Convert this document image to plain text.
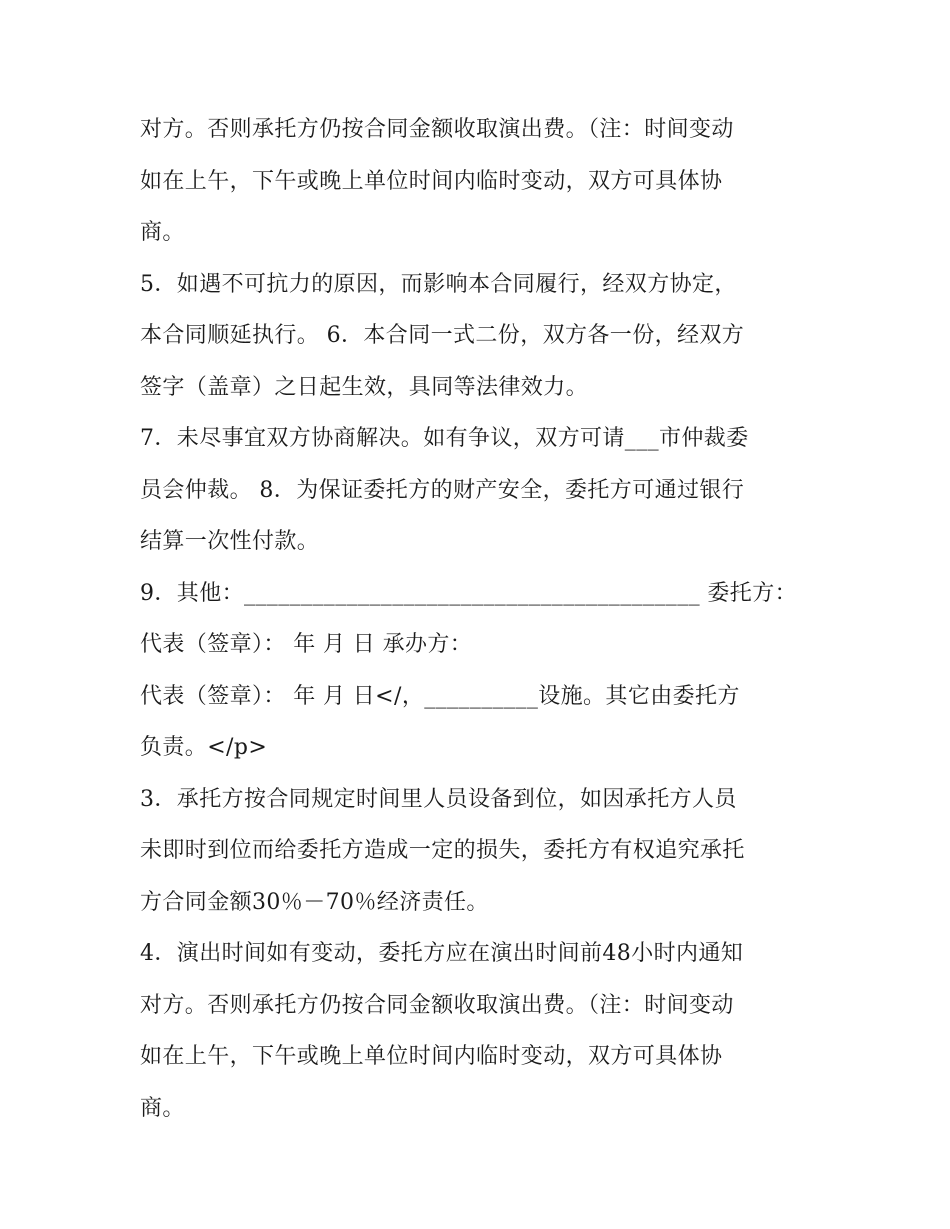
对方。否则承托方仍按合同金额收取演出费。（注：时间变动
如在上午，下午或晚上单位时间内临时变动，双方可具体协
商。
5．如遇不可抗力的原因，而影响本合同履行，经双方协定，
本合同顺延执行。 6．本合同一式二份，双方各一份，经双方
签字（盖章）之日起生效，具同等法律效力。
7．未尽事宜双方协商解决。如有争议，双方可请___市仲裁委
员会仲裁。 8．为保证委托方的财产安全，委托方可通过银行
结算一次性付款。
9．其他：________________________________________ 委托方：
代表（签章）： 年 月 日 承办方：
代表（签章）： 年 月 日</，__________设施。其它由委托方
负责。</p>
3．承托方按合同规定时间里人员设备到位，如因承托方人员
未即时到位而给委托方造成一定的损失，委托方有权追究承托
方合同金额30％－70％经济责任。
4．演出时间如有变动，委托方应在演出时间前48小时内通知
对方。否则承托方仍按合同金额收取演出费。（注：时间变动
如在上午，下午或晚上单位时间内临时变动，双方可具体协
商。
